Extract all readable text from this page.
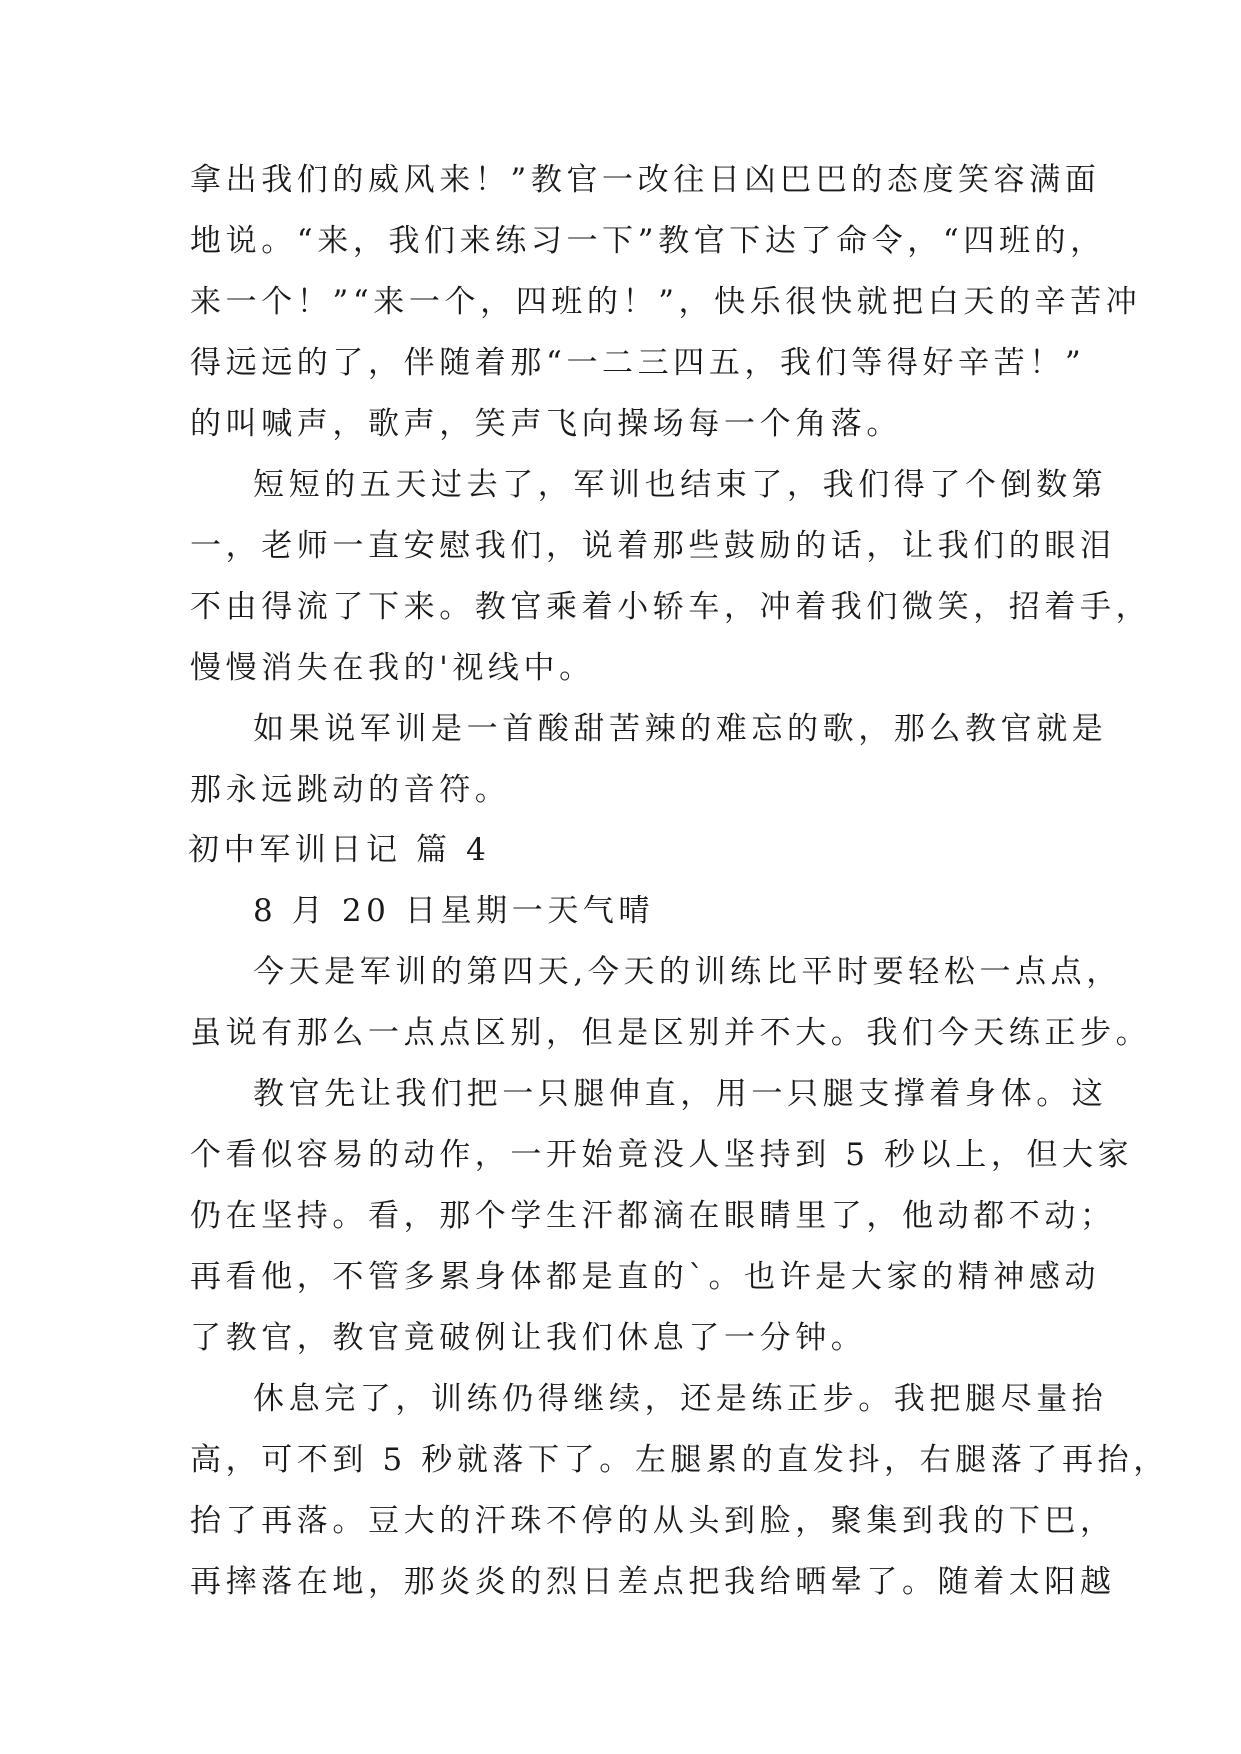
拿出我们的威风来！”教官一改往日凶巴巴的态度笑容满面
地说。“来，我们来练习一下”教官下达了命令，“四班的，
来一个！”“来一个，四班的！”，快乐很快就把白天的辛苦冲
得远远的了，伴随着那“一二三四五，我们等得好辛苦！”
的叫喊声，歌声，笑声飞向操场每一个角落。
短短的五天过去了，军训也结束了，我们得了个倒数第
一，老师一直安慰我们，说着那些鼓励的话，让我们的眼泪
不由得流了下来。教官乘着小轿车，冲着我们微笑，招着手，
慢慢消失在我的'视线中。
如果说军训是一首酸甜苦辣的难忘的歌，那么教官就是
那永远跳动的音符。
初中军训日记 篇 4
8 月 20 日星期一天气晴
今天是军训的第四天,今天的训练比平时要轻松一点点，
虽说有那么一点点区别，但是区别并不大。我们今天练正步。
教官先让我们把一只腿伸直，用一只腿支撑着身体。这
个看似容易的动作，一开始竟没人坚持到 5 秒以上，但大家
仍在坚持。看，那个学生汗都滴在眼睛里了，他动都不动；
再看他，不管多累身体都是直的`。也许是大家的精神感动
了教官，教官竟破例让我们休息了一分钟。
休息完了，训练仍得继续，还是练正步。我把腿尽量抬
高，可不到 5 秒就落下了。左腿累的直发抖，右腿落了再抬，
抬了再落。豆大的汗珠不停的从头到脸，聚集到我的下巴，
再摔落在地，那炎炎的烈日差点把我给晒晕了。随着太阳越
